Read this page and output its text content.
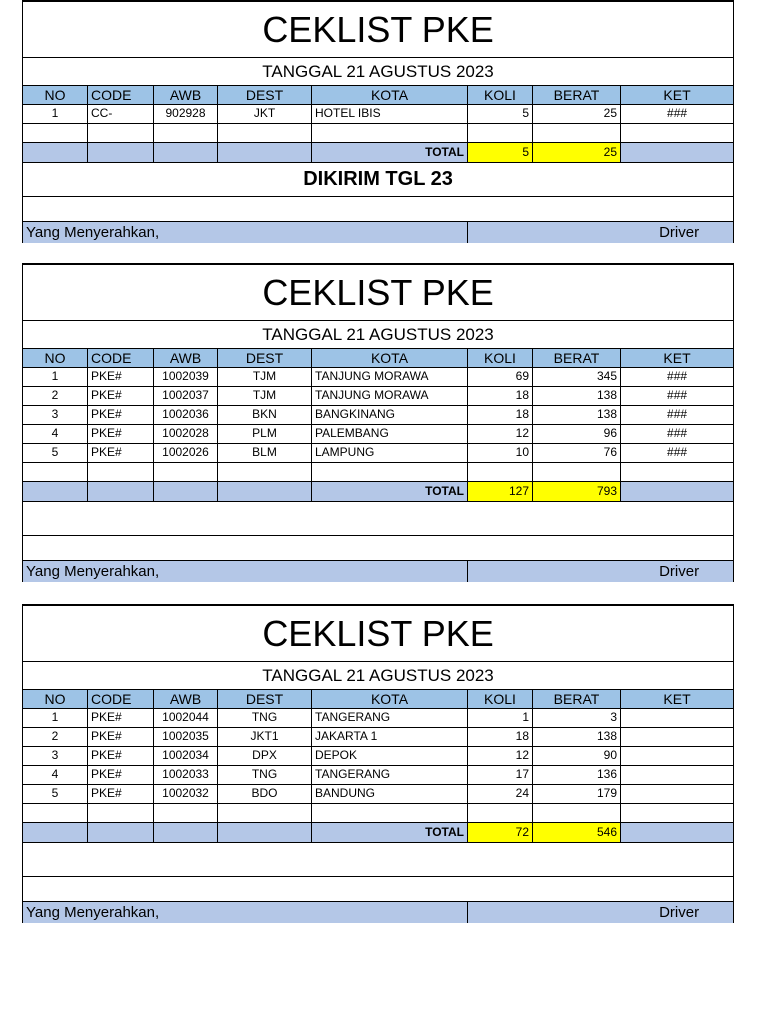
CEKLIST PKE							
TANGGAL 21 AGUSTUS 2023							
NO	CODE	AWB	DEST	KOTA	KOLI	BERAT	KET
1	CC-	902928	JKT	HOTEL IBIS	5	25	###

				TOTAL	5	25	
DIKIRIM TGL 23							

Yang Menyerahkan,					Driver		
CEKLIST PKE							
TANGGAL 21 AGUSTUS 2023							
NO	CODE	AWB	DEST	KOTA	KOLI	BERAT	KET
1	PKE#	1002039	TJM	TANJUNG MORAWA	69	345	###
2	PKE#	1002037	TJM	TANJUNG MORAWA	18	138	###
3	PKE#	1002036	BKN	BANGKINANG	18	138	###
4	PKE#	1002028	PLM	PALEMBANG	12	96	###
5	PKE#	1002026	BLM	LAMPUNG	10	76	###

				TOTAL	127	793	

Yang Menyerahkan,					Driver		
CEKLIST PKE							
TANGGAL 21 AGUSTUS 2023							
NO	CODE	AWB	DEST	KOTA	KOLI	BERAT	KET
1	PKE#	1002044	TNG	TANGERANG	1	3	
2	PKE#	1002035	JKT1	JAKARTA 1	18	138	
3	PKE#	1002034	DPX	DEPOK	12	90	
4	PKE#	1002033	TNG	TANGERANG	17	136	
5	PKE#	1002032	BDO	BANDUNG	24	179	

				TOTAL	72	546	

Yang Menyerahkan,					Driver		
